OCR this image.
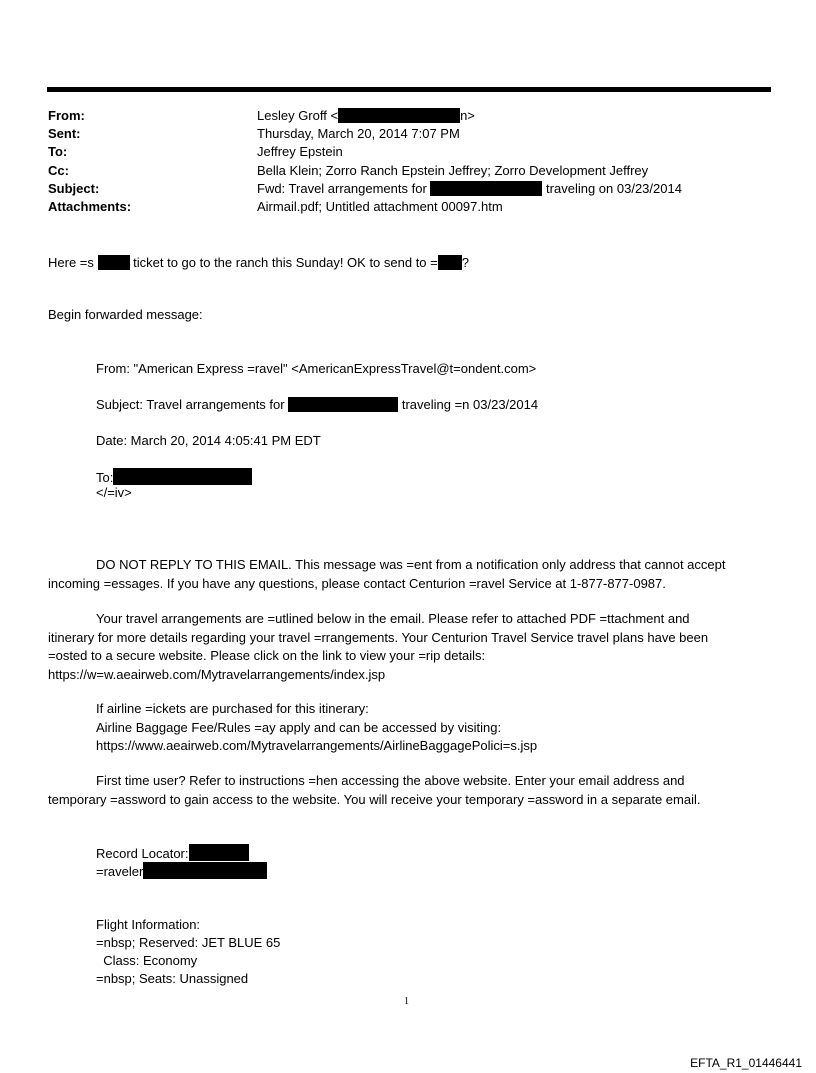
From:	Lesley Groff <	n>
Sent:	Thursday, March 20, 2014 7:07 PM
To:	Jeffrey Epstein
Cc:	Bella Klein; Zorro Ranch Epstein Jeffrey; Zorro Development Jeffrey
Subject:	Fwd: Travel arrangements for	traveling on 03/23/2014
Attachments:	Airmail.pdf; Untitled attachment 00097.htm
Here =s	ticket to go to the ranch this Sunday! OK to send to = ?
Begin forwarded message:
From: "American Express =ravel" <AmericanExpressTravel@t=ondent.com>
Subject: Travel arrangements for	traveling =n 03/23/2014
Date: March 20, 2014 4:05:41 PM EDT
To:
</=iv>
DO NOT REPLY TO THIS EMAIL. This message was =ent from a notification only address that cannot accept
incoming =essages. If you have any questions, please contact Centurion =ravel Service at 1-877-877-0987.
Your travel arrangements are =utlined below in the email. Please refer to attached PDF =ttachment and
itinerary for more details regarding your travel =rrangements. Your Centurion Travel Service travel plans have been
=osted to a secure website. Please click on the link to view your =rip details:
https://w=w.aeairweb.com/Mytravelarrangements/index.jsp
If airline =ickets are purchased for this itinerary:
Airline Baggage Fee/Rules =ay apply and can be accessed by visiting:
https://www.aeairweb.com/Mytravelarrangements/AirlineBaggagePolici=s.jsp
First time user? Refer to instructions =hen accessing the above website. Enter your email address and
temporary =assword to gain access to the website. You will receive your temporary =assword in a separate email.
Record Locator:
=raveler
Flight Information:
=nbsp; Reserved: JET BLUE 65
Class: Economy
=nbsp; Seats: Unassigned
1
EFTA_R1_01446441
